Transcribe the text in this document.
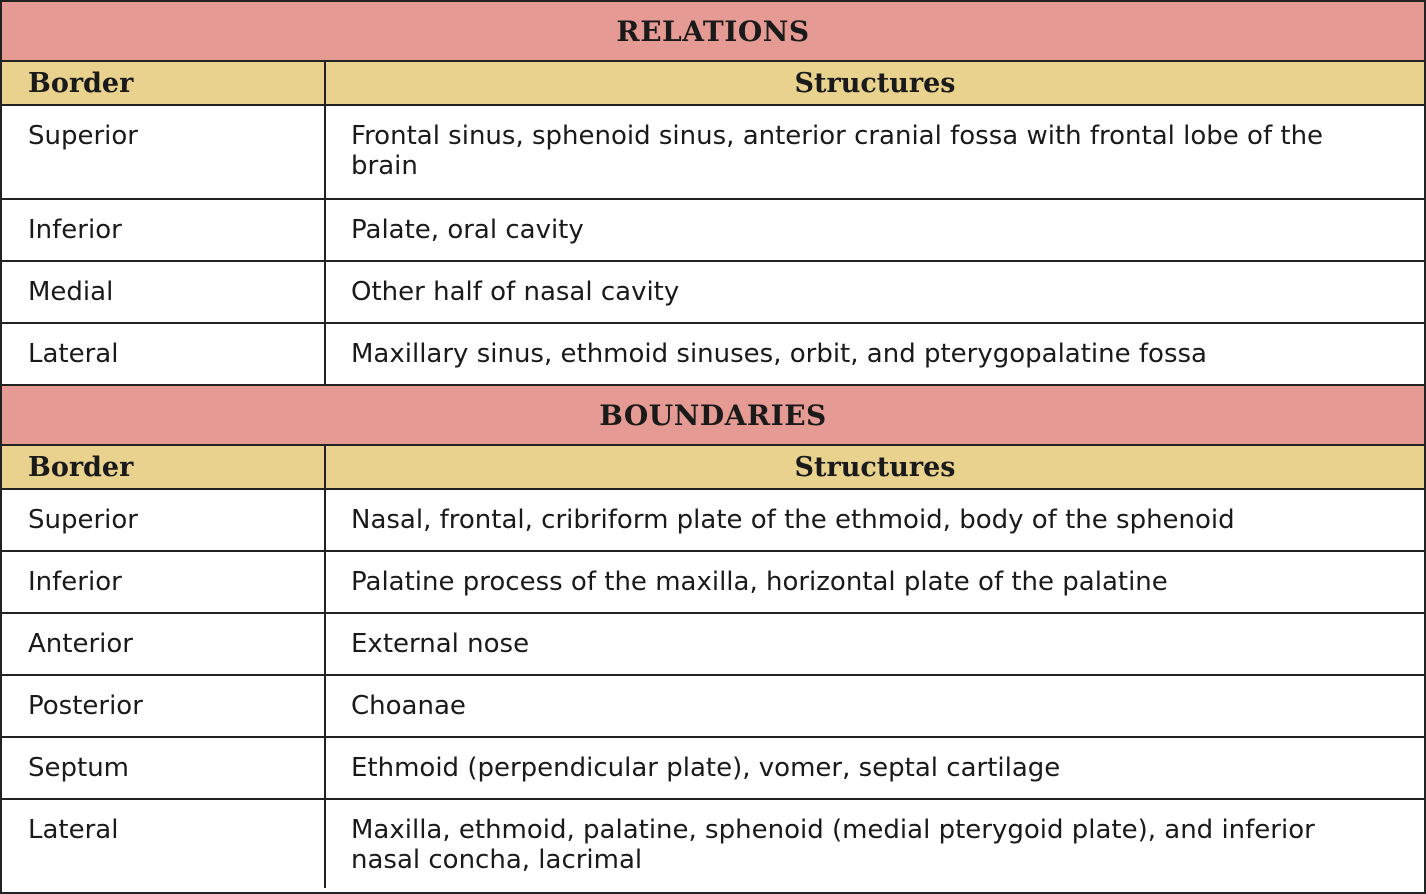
RELATIONS
Border	Structures
Superior	Frontal sinus, sphenoid sinus, anterior cranial fossa with frontal lobe of the brain
Inferior	Palate, oral cavity
Medial	Other half of nasal cavity
Lateral	Maxillary sinus, ethmoid sinuses, orbit, and pterygopalatine fossa
BOUNDARIES
Border	Structures
Superior	Nasal, frontal, cribriform plate of the ethmoid, body of the sphenoid
Inferior	Palatine process of the maxilla, horizontal plate of the palatine
Anterior	External nose
Posterior	Choanae
Septum	Ethmoid (perpendicular plate), vomer, septal cartilage
Lateral	Maxilla, ethmoid, palatine, sphenoid (medial pterygoid plate), and inferior nasal concha, lacrimal
